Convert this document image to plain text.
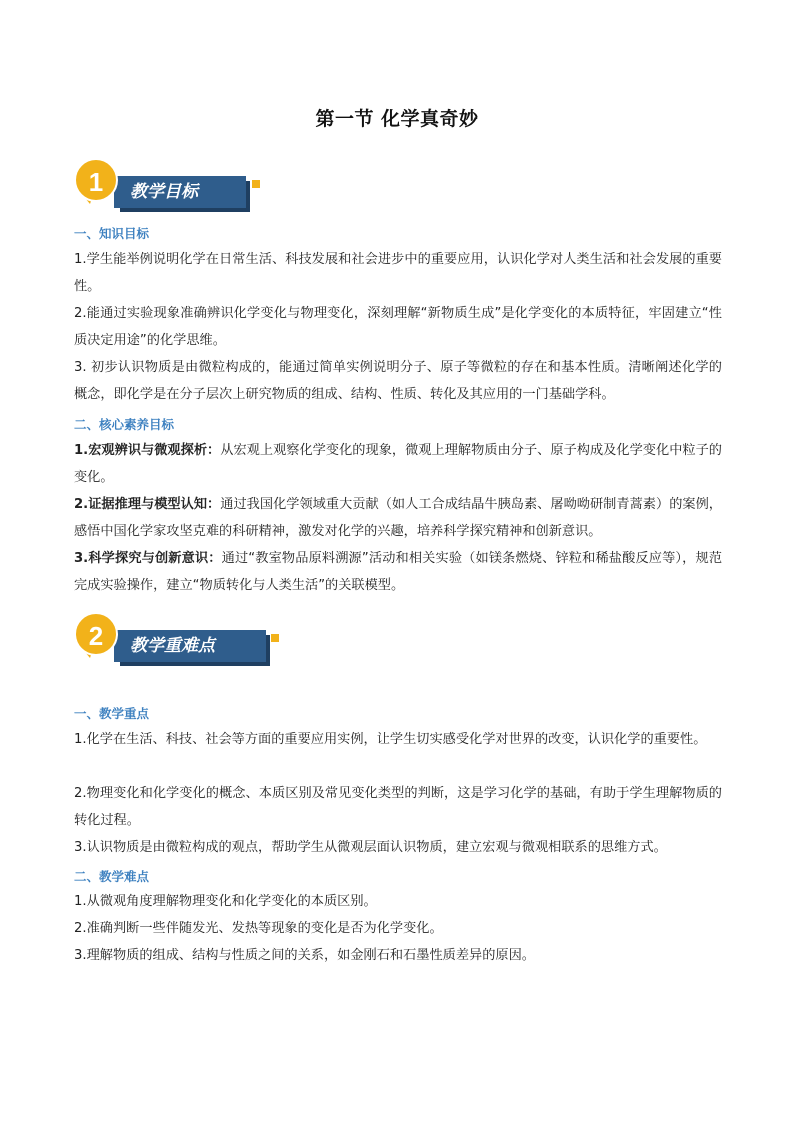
第一节 化学真奇妙
教学目标
1
一、知识目标
1.学生能举例说明化学在日常生活、科技发展和社会进步中的重要应用，认识化学对人类生活和社会发展的重要性。
2.能通过实验现象准确辨识化学变化与物理变化，深刻理解“新物质生成”是化学变化的本质特征，牢固建立“性质决定用途”的化学思维。
3. 初步认识物质是由微粒构成的，能通过简单实例说明分子、原子等微粒的存在和基本性质。清晰阐述化学的概念，即化学是在分子层次上研究物质的组成、结构、性质、转化及其应用的一门基础学科。
二、核心素养目标
1.宏观辨识与微观探析：从宏观上观察化学变化的现象，微观上理解物质由分子、原子构成及化学变化中粒子的变化。
2.证据推理与模型认知：通过我国化学领域重大贡献（如人工合成结晶牛胰岛素、屠呦呦研制青蒿素）的案例，感悟中国化学家攻坚克难的科研精神，激发对化学的兴趣，培养科学探究精神和创新意识。
3.科学探究与创新意识：通过“教室物品原料溯源”活动和相关实验（如镁条燃烧、锌粒和稀盐酸反应等），规范完成实验操作，建立“物质转化与人类生活”的关联模型。
教学重难点
2
一、教学重点
1.化学在生活、科技、社会等方面的重要应用实例，让学生切实感受化学对世界的改变，认识化学的重要性。
2.物理变化和化学变化的概念、本质区别及常见变化类型的判断，这是学习化学的基础，有助于学生理解物质的转化过程。
3.认识物质是由微粒构成的观点，帮助学生从微观层面认识物质，建立宏观与微观相联系的思维方式。
二、教学难点
1.从微观角度理解物理变化和化学变化的本质区别。
2.准确判断一些伴随发光、发热等现象的变化是否为化学变化。
3.理解物质的组成、结构与性质之间的关系，如金刚石和石墨性质差异的原因。
